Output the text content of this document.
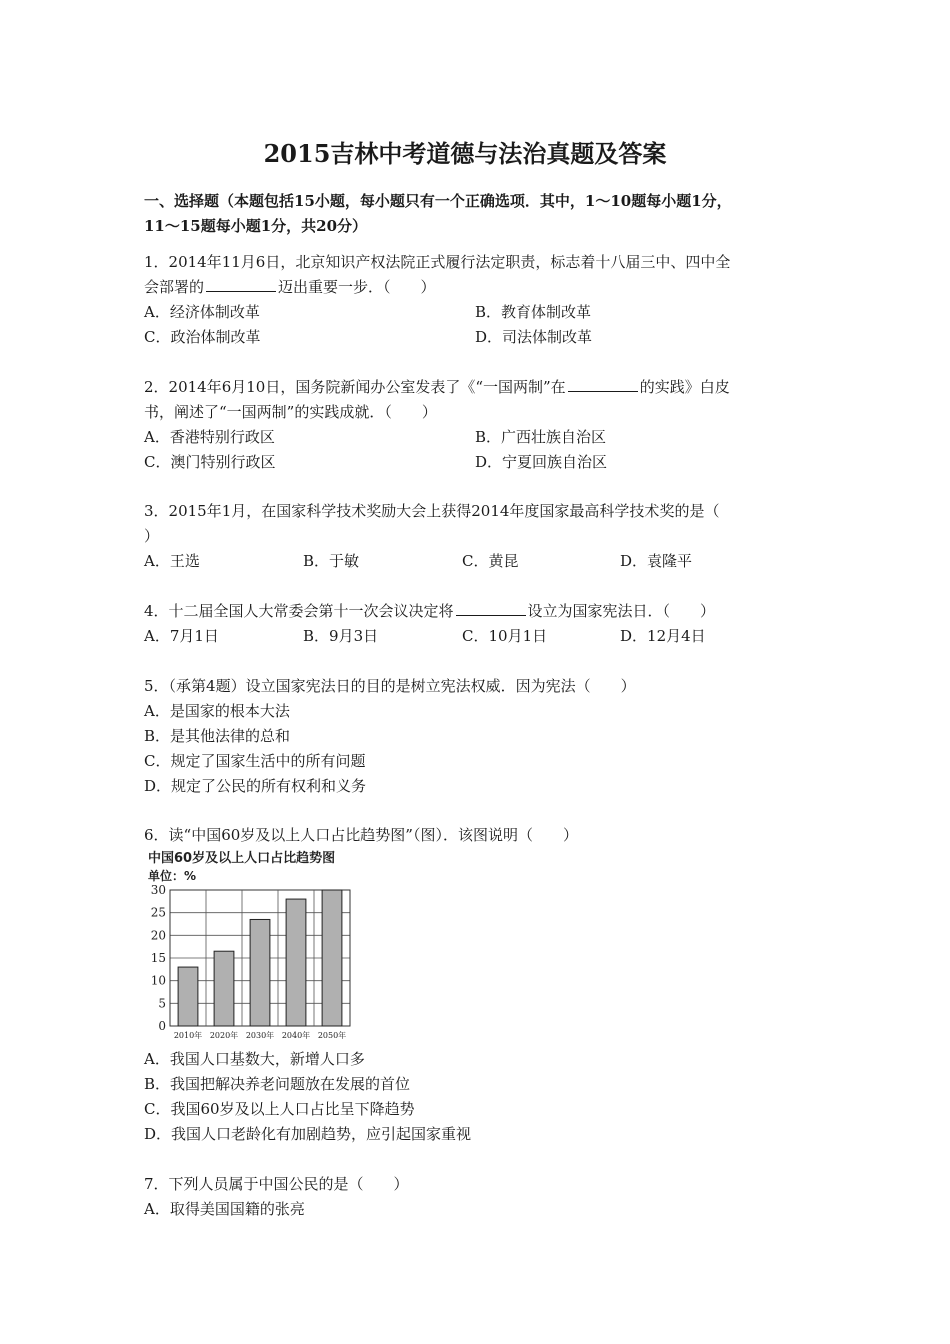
2015吉林中考道德与法治真题及答案
一、选择题（本题包括15小题，每小题只有一个正确选项．其中，1～10题每小题1分，
11～15题每小题1分，共20分）
1．2014年11月6日，北京知识产权法院正式履行法定职责，标志着十八届三中、四中全
会部署的	迈出重要一步．（　　）
A．经济体制改革	B．教育体制改革
C．政治体制改革	D．司法体制改革
2．2014年6月10日，国务院新闻办公室发表了《“一国两制”在	的实践》白皮
书，阐述了“一国两制”的实践成就．（　　）
A．香港特别行政区	B．广西壮族自治区
C．澳门特别行政区	D．宁夏回族自治区
3．2015年1月，在国家科学技术奖励大会上获得2014年度国家最高科学技术奖的是（
）
A．王选	B．于敏	C．黄昆	D．袁隆平
4．十二届全国人大常委会第十一次会议决定将	设立为国家宪法日．（　　）
A．7月1日	B．9月3日	C．10月1日	D．12月4日
5．（承第4题）设立国家宪法日的目的是树立宪法权威．因为宪法（　　）
A．是国家的根本大法
B．是其他法律的总和
C．规定了国家生活中的所有问题
D．规定了公民的所有权利和义务
6．读“中国60岁及以上人口占比趋势图”（图）．该图说明（　　）
中国60岁及以上人口占比趋势图
单位：%
0
5
10
15
20
25
30
2010年 2020年 2030年 2040年 2050年
A．我国人口基数大，新增人口多
B．我国把解决养老问题放在发展的首位
C．我国60岁及以上人口占比呈下降趋势
D．我国人口老龄化有加剧趋势，应引起国家重视
7．下列人员属于中国公民的是（　　）
A．取得美国国籍的张亮
